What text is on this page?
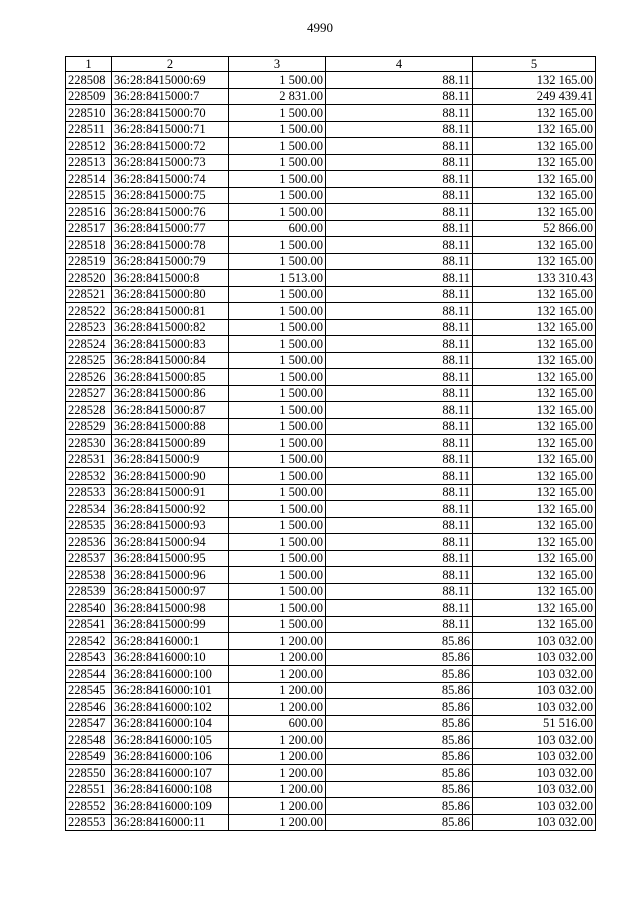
4990
1	2	3	4	5
228508	36:28:8415000:69	1 500.00	88.11	132 165.00
228509	36:28:8415000:7	2 831.00	88.11	249 439.41
228510	36:28:8415000:70	1 500.00	88.11	132 165.00
228511	36:28:8415000:71	1 500.00	88.11	132 165.00
228512	36:28:8415000:72	1 500.00	88.11	132 165.00
228513	36:28:8415000:73	1 500.00	88.11	132 165.00
228514	36:28:8415000:74	1 500.00	88.11	132 165.00
228515	36:28:8415000:75	1 500.00	88.11	132 165.00
228516	36:28:8415000:76	1 500.00	88.11	132 165.00
228517	36:28:8415000:77	600.00	88.11	52 866.00
228518	36:28:8415000:78	1 500.00	88.11	132 165.00
228519	36:28:8415000:79	1 500.00	88.11	132 165.00
228520	36:28:8415000:8	1 513.00	88.11	133 310.43
228521	36:28:8415000:80	1 500.00	88.11	132 165.00
228522	36:28:8415000:81	1 500.00	88.11	132 165.00
228523	36:28:8415000:82	1 500.00	88.11	132 165.00
228524	36:28:8415000:83	1 500.00	88.11	132 165.00
228525	36:28:8415000:84	1 500.00	88.11	132 165.00
228526	36:28:8415000:85	1 500.00	88.11	132 165.00
228527	36:28:8415000:86	1 500.00	88.11	132 165.00
228528	36:28:8415000:87	1 500.00	88.11	132 165.00
228529	36:28:8415000:88	1 500.00	88.11	132 165.00
228530	36:28:8415000:89	1 500.00	88.11	132 165.00
228531	36:28:8415000:9	1 500.00	88.11	132 165.00
228532	36:28:8415000:90	1 500.00	88.11	132 165.00
228533	36:28:8415000:91	1 500.00	88.11	132 165.00
228534	36:28:8415000:92	1 500.00	88.11	132 165.00
228535	36:28:8415000:93	1 500.00	88.11	132 165.00
228536	36:28:8415000:94	1 500.00	88.11	132 165.00
228537	36:28:8415000:95	1 500.00	88.11	132 165.00
228538	36:28:8415000:96	1 500.00	88.11	132 165.00
228539	36:28:8415000:97	1 500.00	88.11	132 165.00
228540	36:28:8415000:98	1 500.00	88.11	132 165.00
228541	36:28:8415000:99	1 500.00	88.11	132 165.00
228542	36:28:8416000:1	1 200.00	85.86	103 032.00
228543	36:28:8416000:10	1 200.00	85.86	103 032.00
228544	36:28:8416000:100	1 200.00	85.86	103 032.00
228545	36:28:8416000:101	1 200.00	85.86	103 032.00
228546	36:28:8416000:102	1 200.00	85.86	103 032.00
228547	36:28:8416000:104	600.00	85.86	51 516.00
228548	36:28:8416000:105	1 200.00	85.86	103 032.00
228549	36:28:8416000:106	1 200.00	85.86	103 032.00
228550	36:28:8416000:107	1 200.00	85.86	103 032.00
228551	36:28:8416000:108	1 200.00	85.86	103 032.00
228552	36:28:8416000:109	1 200.00	85.86	103 032.00
228553	36:28:8416000:11	1 200.00	85.86	103 032.00
